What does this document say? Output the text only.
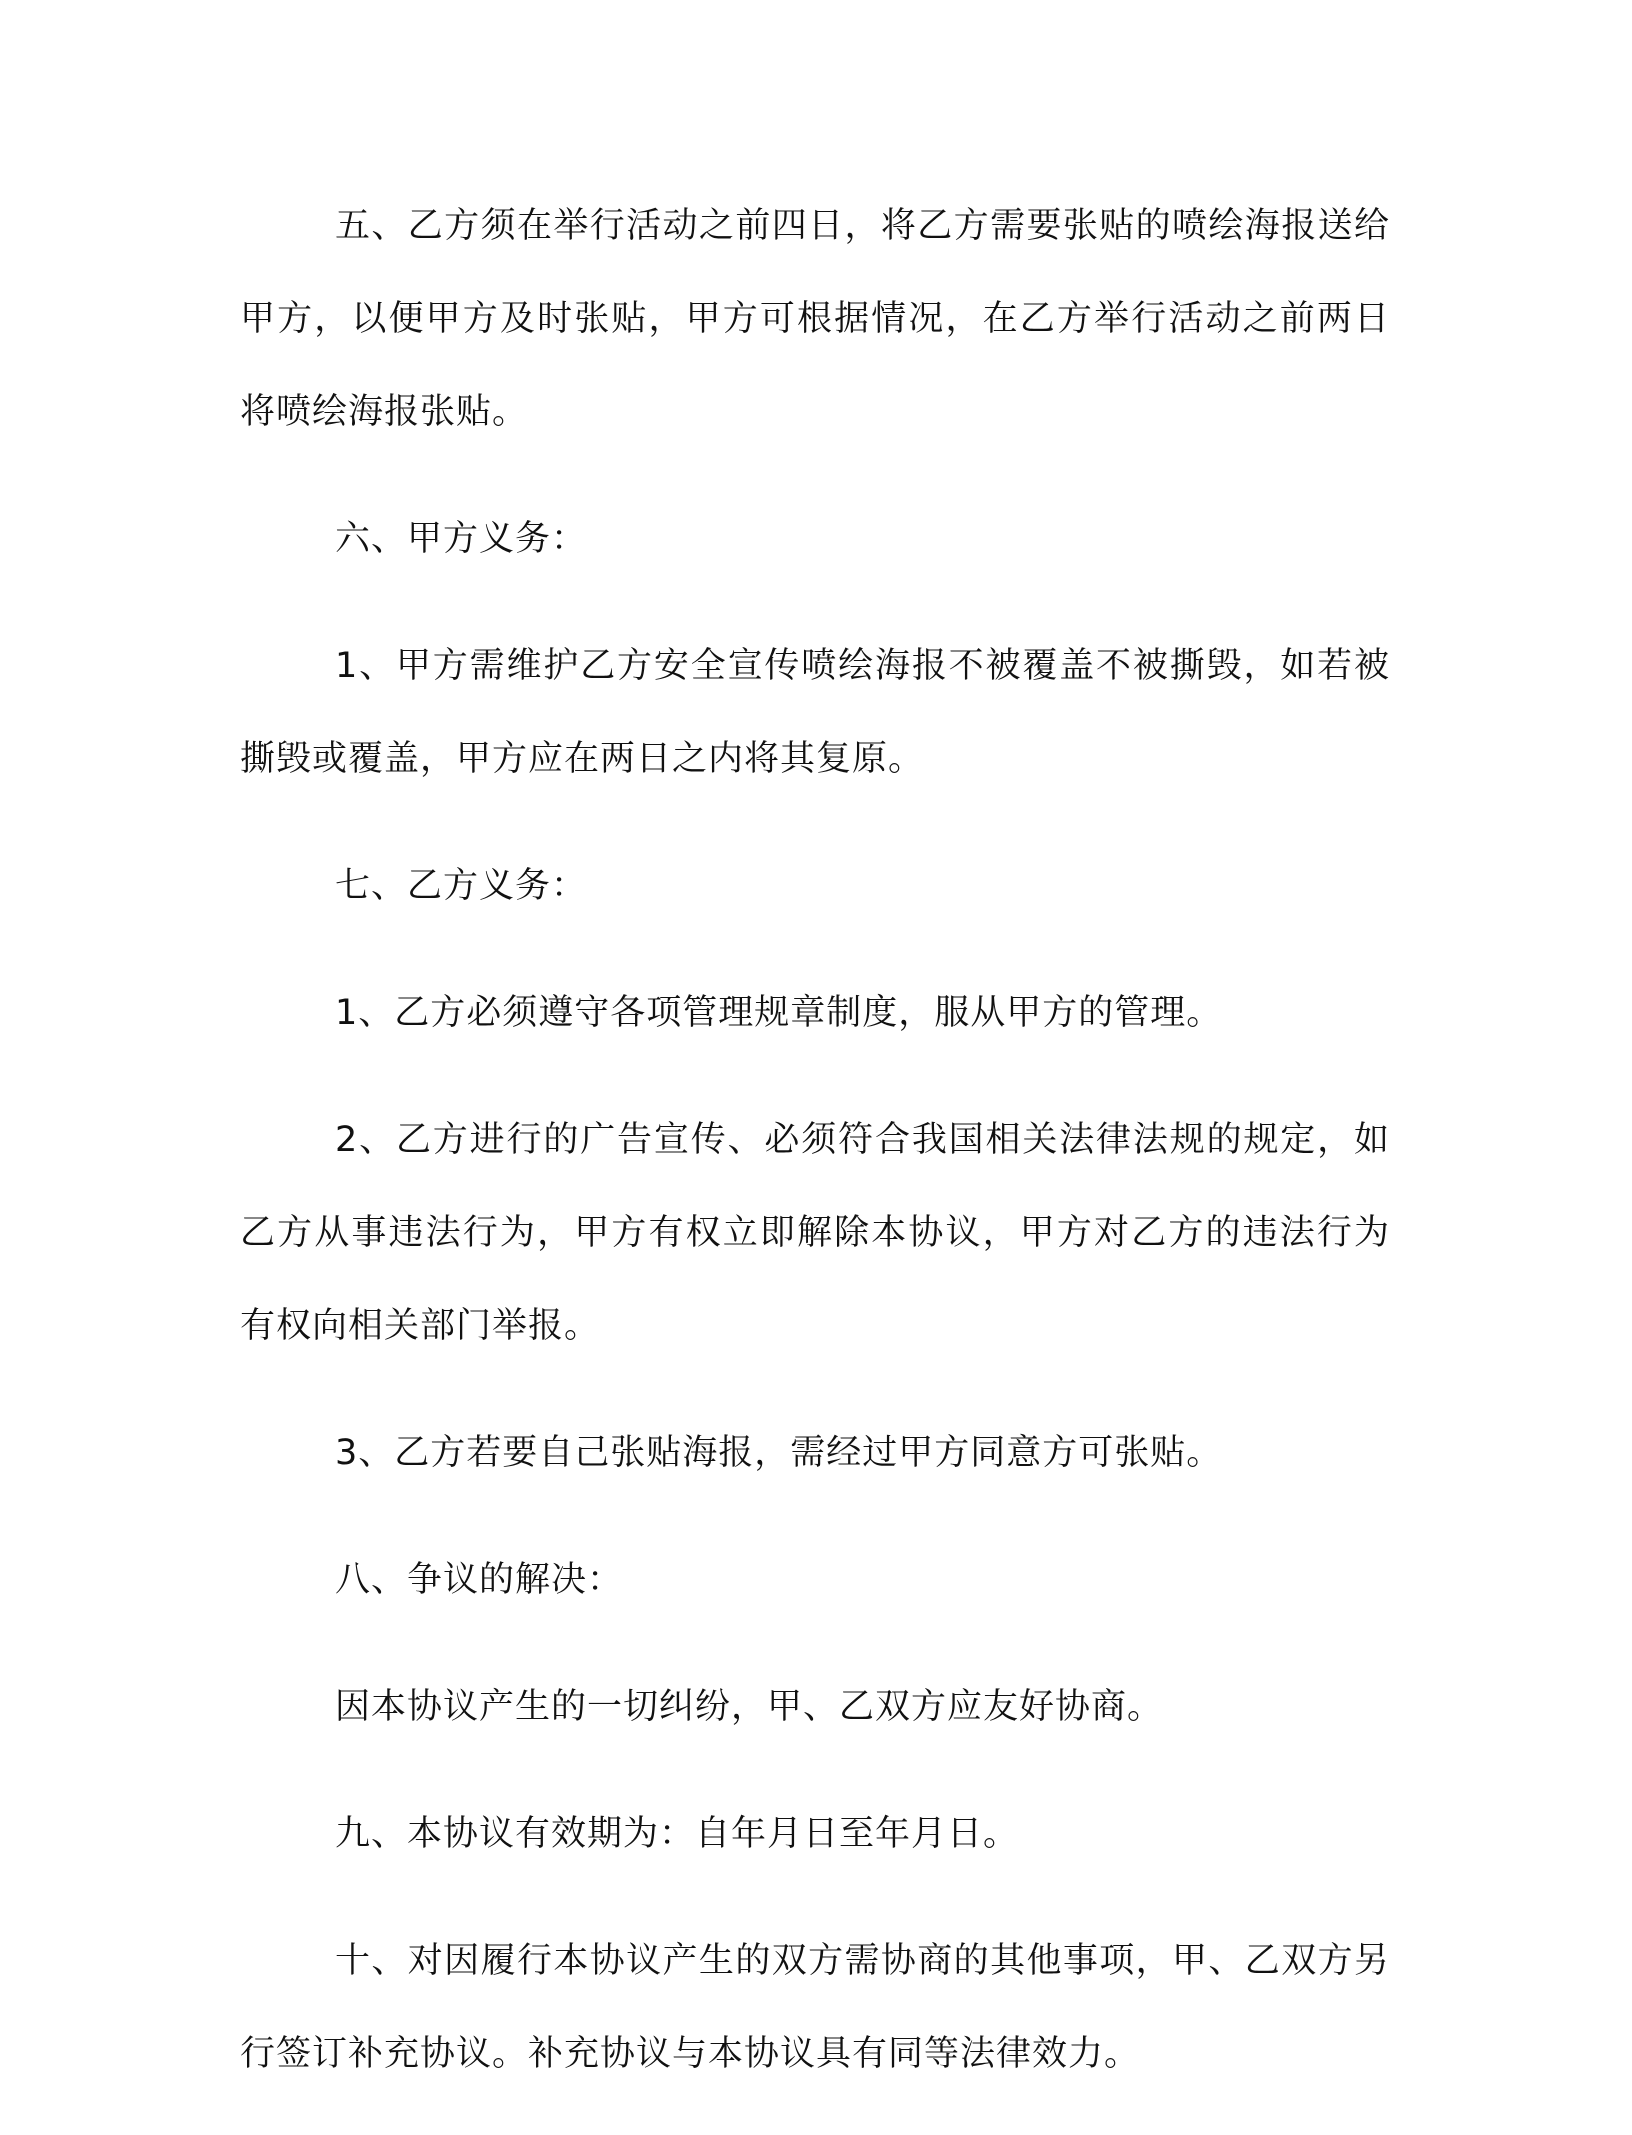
五、乙方须在举行活动之前四日，将乙方需要张贴的喷绘海报送给甲方，以便甲方及时张贴，甲方可根据情况，在乙方举行活动之前两日将喷绘海报张贴。

六、甲方义务：

1、甲方需维护乙方安全宣传喷绘海报不被覆盖不被撕毁，如若被撕毁或覆盖，甲方应在两日之内将其复原。

七、乙方义务：

1、乙方必须遵守各项管理规章制度，服从甲方的管理。

2、乙方进行的广告宣传、必须符合我国相关法律法规的规定，如乙方从事违法行为，甲方有权立即解除本协议，甲方对乙方的违法行为有权向相关部门举报。

3、乙方若要自己张贴海报，需经过甲方同意方可张贴。

八、争议的解决：

因本协议产生的一切纠纷，甲、乙双方应友好协商。

九、本协议有效期为：自年月日至年月日。

十、对因履行本协议产生的双方需协商的其他事项，甲、乙双方另行签订补充协议。补充协议与本协议具有同等法律效力。
